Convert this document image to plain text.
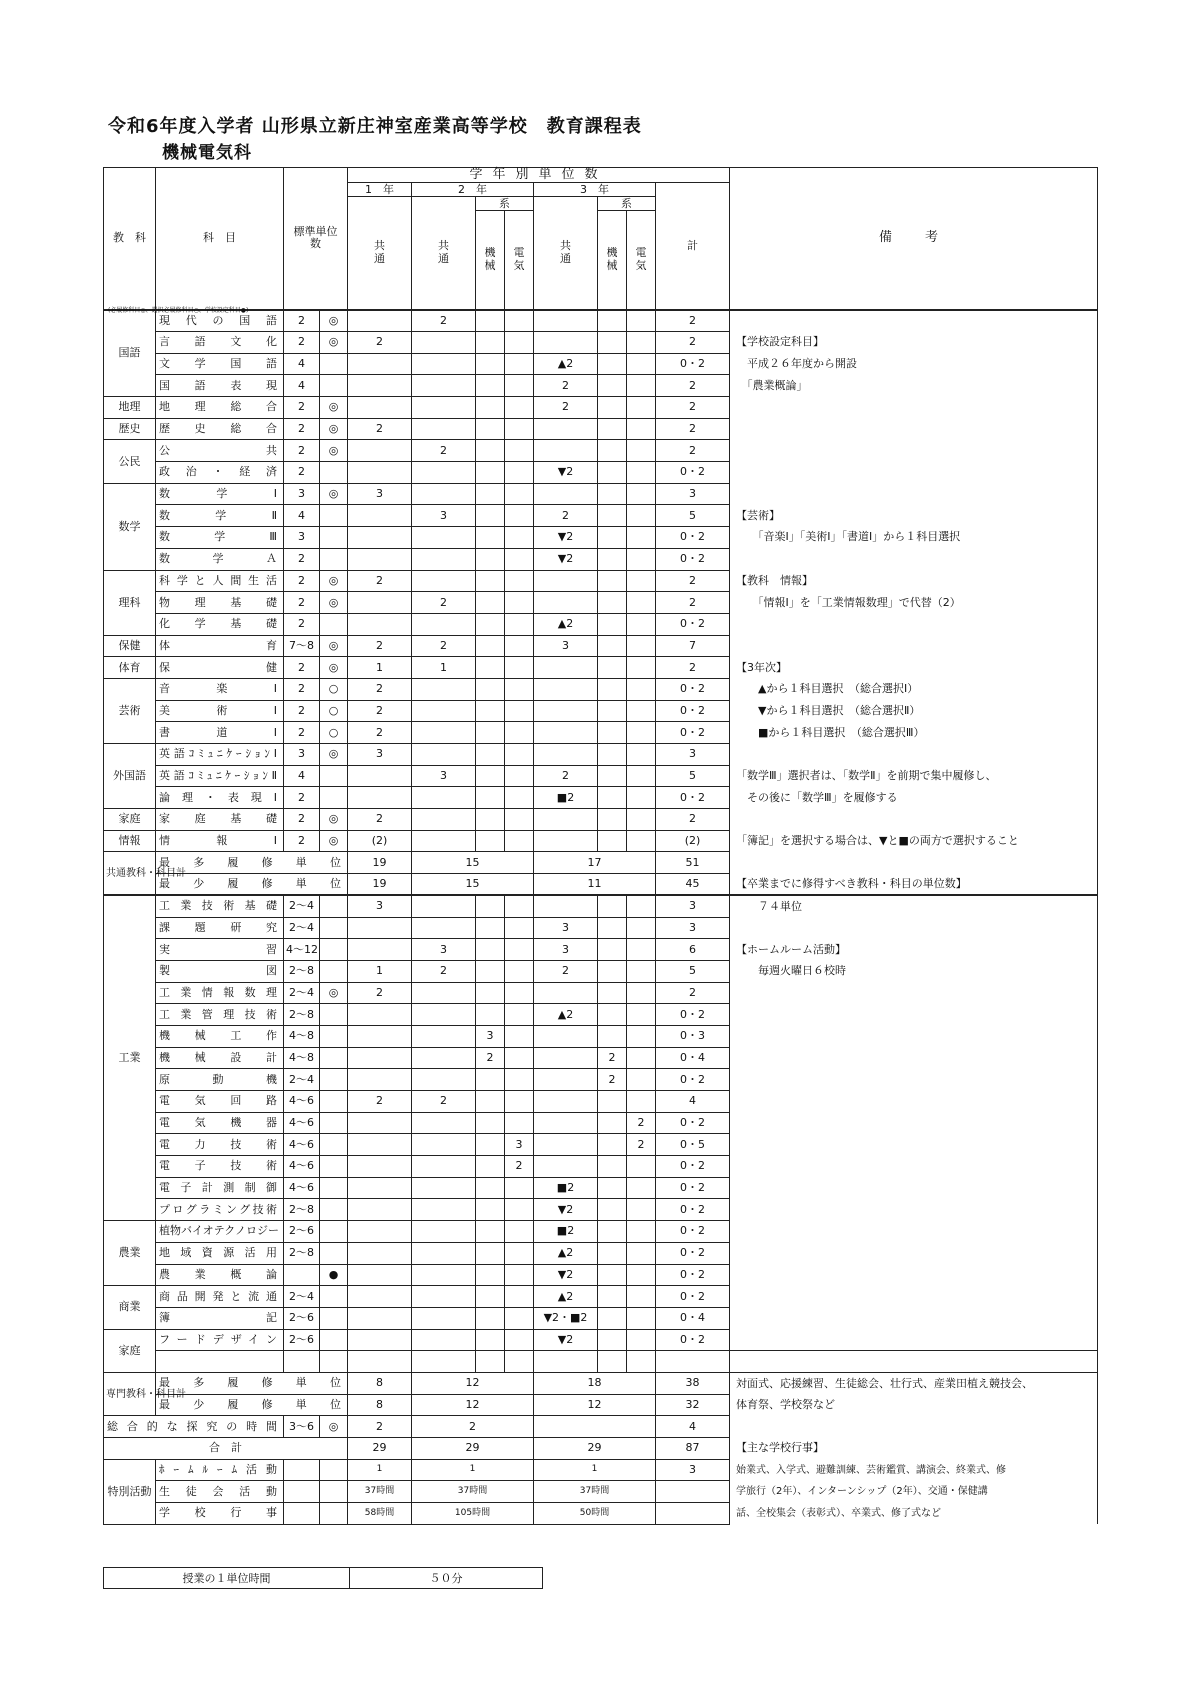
令和6年度入学者 山形県立新庄神室産業高等学校　教育課程表
機械電気科
教　科	科　目	標準単位数		学年別単位数								備　考	
				1　年	2　年			3　年			計		
				共通	共通	系		共通	系				
						機械	電気		機械	電気			
国語	現代の国語	2	◎		2						2		
	言語文化	2	◎	2							2	【学校設定科目】	
	文学国語	4						▲2			0・2	　平成２６年度から開設	
	国語表現	4						2			2	　「農業概論」	
地理	地理総合	2	◎					2			2		
歴史	歴史総合	2	◎	2							2		
公民	公共	2	◎		2						2		
	政治・経済	2						▼2			0・2		
数学	数学Ⅰ	3	◎	3							3		
	数学Ⅱ	4			3			2			5	【芸術】	
	数学Ⅲ	3						▼2			0・2	　　「音楽Ⅰ」「美術Ⅰ」「書道Ⅰ」から１科目選択	
	数学Ａ	2						▼2			0・2		
理科	科学と人間生活	2	◎	2							2	【教科　情報】	
	物理基礎	2	◎		2						2	　　「情報Ⅰ」を「工業情報数理」で代替（2）	
	化学基礎	2						▲2			0・2		
保健	体育	7～8	◎	2	2			3			7		
体育	保健	2	◎	1	1						2	【3年次】	
芸術	音楽Ⅰ	2	○	2							0・2	　　▲から１科目選択　（総合選択Ⅰ）	
	美術Ⅰ	2	○	2							0・2	　　▼から１科目選択　（総合選択Ⅱ）	
	書道Ⅰ	2	○	2							0・2	　　■から１科目選択　（総合選択Ⅲ）	
外国語	英語ｺﾐｭﾆｹｰｼｮﾝⅠ	3	◎	3							3		
	英語ｺﾐｭﾆｹｰｼｮﾝⅡ	4			3			2			5	「数学Ⅲ」選択者は、「数学Ⅱ」を前期で集中履修し、	
	論理・表現Ⅰ	2						■2			0・2	　その後に「数学Ⅲ」を履修する	
家庭	家庭基礎	2	◎	2							2		
情報	情報Ⅰ	2	◎	(2)							(2)	「簿記」を選択する場合は、▼と■の両方で選択すること	
共通教科・科目計	最多履修単位			19	15			17			51		
	最少履修単位			19	15			11			45	【卒業までに修得すべき教科・科目の単位数】	
工業	工業技術基礎	2～4		3							3	　　７４単位	
	課題研究	2～4						3			3		
	実習	4～12			3			3			6	【ホームルーム活動】	
	製図	2～8		1	2			2			5	　　毎週火曜日６校時	
	工業情報数理	2～4	◎	2							2		
	工業管理技術	2～8						▲2			0・2		
	機械工作	4～8				3					0・3		
	機械設計	4～8				2			2		0・4		
	原動機	2～4							2		0・2		
	電気回路	4～6		2	2						4		
	電気機器	4～6								2	0・2		
	電力技術	4～6					3			2	0・5		
	電子技術	4～6					2				0・2		
	電子計測制御	4～6						■2			0・2		
	プログラミング技術	2～8						▼2			0・2		
農業	植物バイオテクノロジー	2～6						■2			0・2		
	地域資源活用	2～8						▲2			0・2		
	農業概論		●					▼2			0・2		
商業	商品開発と流通	2～4						▲2			0・2		
	簿記	2～6						▼2・■2			0・4		
家庭	フードデザイン	2～6						▼2			0・2		

専門教科・科目計	最多履修単位			8	12			18			38	対面式、応援練習、生徒総会、壮行式、産業田植え競技会、	
	最少履修単位			8	12			12			32	体育祭、学校祭など	
総合的な探究の時間		3～6	◎	2	2						4		
合　計				29	29			29			87	【主な学校行事】	
特別活動	ﾎｰﾑﾙｰﾑ活動			1	1			1			3	始業式、入学式、避難訓練、芸術鑑賞、講演会、終業式、修	
	生徒会活動			37時間	37時間			37時間				学旅行（2年）、インターンシップ（2年）、交通・保健講	
	学校行事			58時間	105時間			50時間				話、全校集会（表彰式）、卒業式、修了式など	
(必履修科目◎、選択必履修科目○、学校設定科目●)
授業の１単位時間	５０分
